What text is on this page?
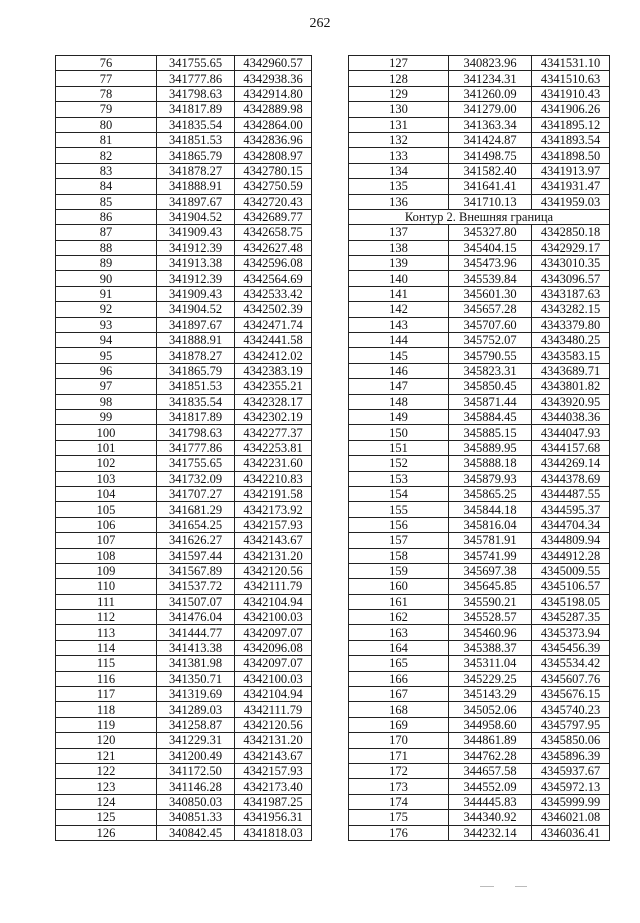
262
76	341755.65	4342960.57
77	341777.86	4342938.36
78	341798.63	4342914.80
79	341817.89	4342889.98
80	341835.54	4342864.00
81	341851.53	4342836.96
82	341865.79	4342808.97
83	341878.27	4342780.15
84	341888.91	4342750.59
85	341897.67	4342720.43
86	341904.52	4342689.77
87	341909.43	4342658.75
88	341912.39	4342627.48
89	341913.38	4342596.08
90	341912.39	4342564.69
91	341909.43	4342533.42
92	341904.52	4342502.39
93	341897.67	4342471.74
94	341888.91	4342441.58
95	341878.27	4342412.02
96	341865.79	4342383.19
97	341851.53	4342355.21
98	341835.54	4342328.17
99	341817.89	4342302.19
100	341798.63	4342277.37
101	341777.86	4342253.81
102	341755.65	4342231.60
103	341732.09	4342210.83
104	341707.27	4342191.58
105	341681.29	4342173.92
106	341654.25	4342157.93
107	341626.27	4342143.67
108	341597.44	4342131.20
109	341567.89	4342120.56
110	341537.72	4342111.79
111	341507.07	4342104.94
112	341476.04	4342100.03
113	341444.77	4342097.07
114	341413.38	4342096.08
115	341381.98	4342097.07
116	341350.71	4342100.03
117	341319.69	4342104.94
118	341289.03	4342111.79
119	341258.87	4342120.56
120	341229.31	4342131.20
121	341200.49	4342143.67
122	341172.50	4342157.93
123	341146.28	4342173.40
124	340850.03	4341987.25
125	340851.33	4341956.31
126	340842.45	4341818.03
127	340823.96	4341531.10
128	341234.31	4341510.63
129	341260.09	4341910.43
130	341279.00	4341906.26
131	341363.34	4341895.12
132	341424.87	4341893.54
133	341498.75	4341898.50
134	341582.40	4341913.97
135	341641.41	4341931.47
136	341710.13	4341959.03
Контур 2. Внешняя граница		
137	345327.80	4342850.18
138	345404.15	4342929.17
139	345473.96	4343010.35
140	345539.84	4343096.57
141	345601.30	4343187.63
142	345657.28	4343282.15
143	345707.60	4343379.80
144	345752.07	4343480.25
145	345790.55	4343583.15
146	345823.31	4343689.71
147	345850.45	4343801.82
148	345871.44	4343920.95
149	345884.45	4344038.36
150	345885.15	4344047.93
151	345889.95	4344157.68
152	345888.18	4344269.14
153	345879.93	4344378.69
154	345865.25	4344487.55
155	345844.18	4344595.37
156	345816.04	4344704.34
157	345781.91	4344809.94
158	345741.99	4344912.28
159	345697.38	4345009.55
160	345645.85	4345106.57
161	345590.21	4345198.05
162	345528.57	4345287.35
163	345460.96	4345373.94
164	345388.37	4345456.39
165	345311.04	4345534.42
166	345229.25	4345607.76
167	345143.29	4345676.15
168	345052.06	4345740.23
169	344958.60	4345797.95
170	344861.89	4345850.06
171	344762.28	4345896.39
172	344657.58	4345937.67
173	344552.09	4345972.13
174	344445.83	4345999.99
175	344340.92	4346021.08
176	344232.14	4346036.41
